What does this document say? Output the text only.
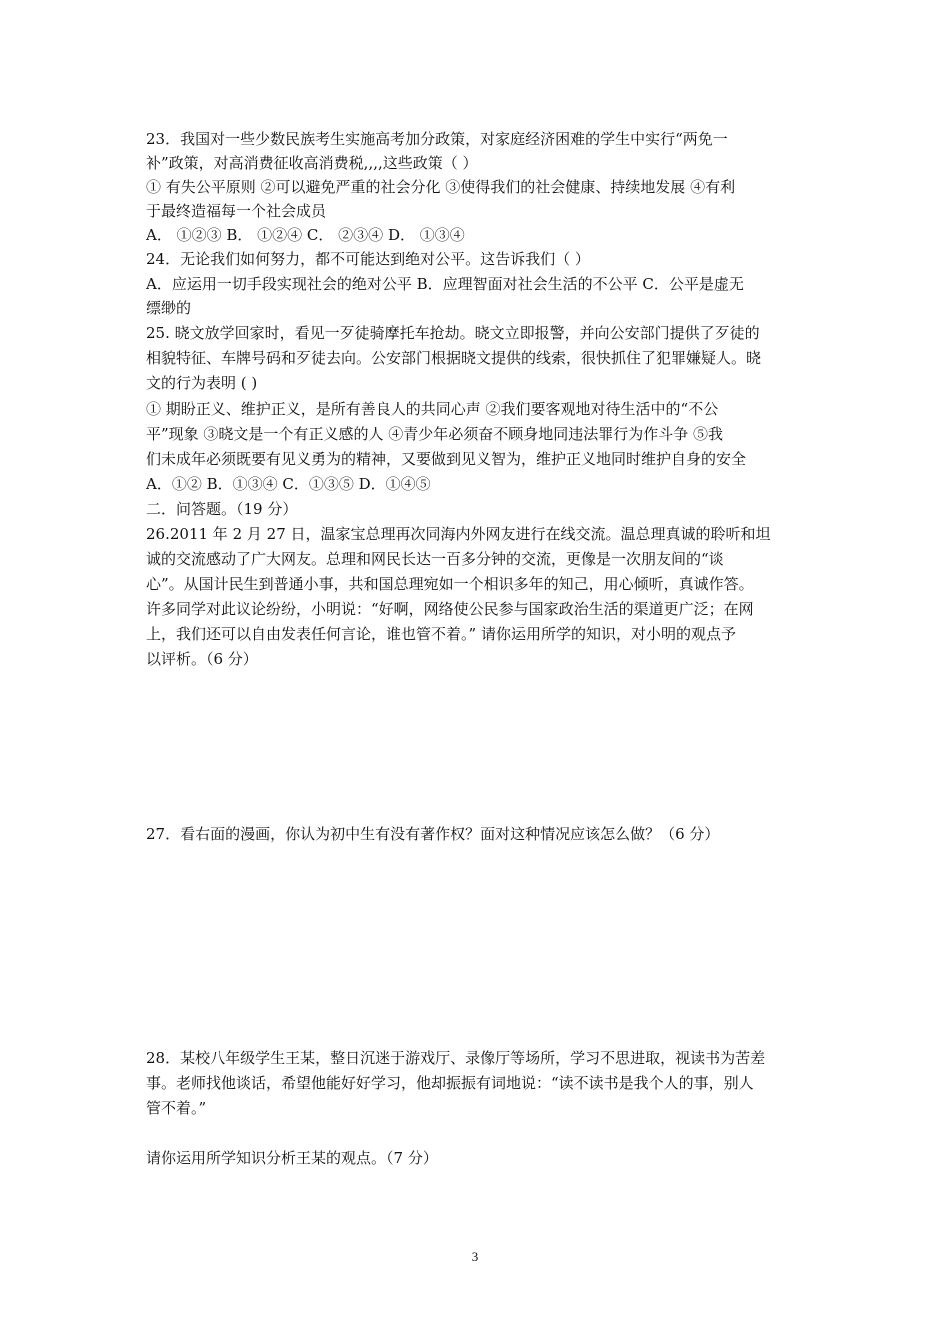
23．我国对一些少数民族考生实施高考加分政策，对家庭经济困难的学生中实行“两免一
补”政策，对高消费征收高消费税,,,,这些政策（ ）
① 有失公平原则 ②可以避免严重的社会分化 ③使得我们的社会健康、持续地发展 ④有利
于最终造福每一个社会成员
A． ①②③ B． ①②④ C． ②③④ D． ①③④
24．无论我们如何努力，都不可能达到绝对公平。这告诉我们（ ）
A．应运用一切手段实现社会的绝对公平 B．应理智面对社会生活的不公平 C．公平是虚无
缥缈的
25. 晓文放学回家时，看见一歹徒骑摩托车抢劫。晓文立即报警，并向公安部门提供了歹徒的
相貌特征、车牌号码和歹徒去向。公安部门根据晓文提供的线索，很快抓住了犯罪嫌疑人。晓
文的行为表明 ( )
① 期盼正义、维护正义，是所有善良人的共同心声 ②我们要客观地对待生活中的“不公
平”现象 ③晓文是一个有正义感的人 ④青少年必须奋不顾身地同违法罪行为作斗争 ⑤我
们未成年必须既要有见义勇为的精神，又要做到见义智为，维护正义地同时维护自身的安全
A．①② B．①③④ C．①③⑤ D．①④⑤
二．问答题。（19 分）
26.2011 年 2 月 27 日，温家宝总理再次同海内外网友进行在线交流。温总理真诚的聆听和坦
诚的交流感动了广大网友。总理和网民长达一百多分钟的交流，更像是一次朋友间的“谈
心”。从国计民生到普通小事，共和国总理宛如一个相识多年的知己，用心倾听，真诚作答。
许多同学对此议论纷纷，小明说：“好啊，网络使公民参与国家政治生活的渠道更广泛；在网
上，我们还可以自由发表任何言论，谁也管不着。” 请你运用所学的知识，对小明的观点予
以评析。（6 分）
27．看右面的漫画，你认为初中生有没有著作权？面对这种情况应该怎么做？（6 分）
28．某校八年级学生王某，整日沉迷于游戏厅、录像厅等场所，学习不思进取，视读书为苦差
事。老师找他谈话，希望他能好好学习，他却振振有词地说：“读不读书是我个人的事，别人
管不着。”
请你运用所学知识分析王某的观点。（7 分）
3
